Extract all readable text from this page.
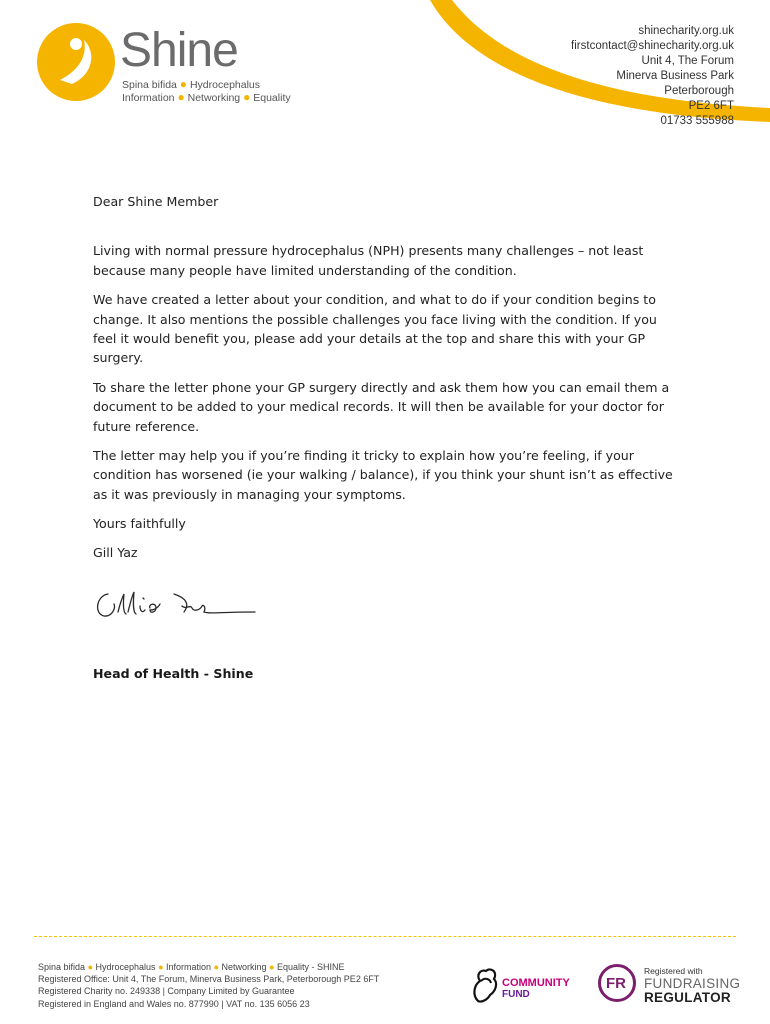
Shine
Spina bifida ● Hydrocephalus
Information ● Networking ● Equality
shinecharity.org.uk
firstcontact@shinecharity.org.uk
Unit 4, The Forum
Minerva Business Park
Peterborough
PE2 6FT
01733 555988

Dear Shine Member

Living with normal pressure hydrocephalus (NPH) presents many challenges – not least because many people have limited understanding of the condition.

We have created a letter about your condition, and what to do if your condition begins to change. It also mentions the possible challenges you face living with the condition. If you feel it would benefit you, please add your details at the top and share this with your GP surgery.

To share the letter phone your GP surgery directly and ask them how you can email them a document to be added to your medical records. It will then be available for your doctor for future reference.

The letter may help you if you’re finding it tricky to explain how you’re feeling, if your condition has worsened (ie your walking / balance), if you think your shunt isn’t as effective as it was previously in managing your symptoms.

Yours faithfully

Gill Yaz

Head of Health - Shine
Spina bifida ● Hydrocephalus ● Information ● Networking ● Equality - SHINE
Registered Office: Unit 4, The Forum, Minerva Business Park, Peterborough PE2 6FT
Registered Charity no. 249338 | Company Limited by Guarantee
Registered in England and Wales no. 877990 | VAT no. 135 6056 23
COMMUNITY
FUND
FR
Registered with
FUNDRAISING
REGULATOR
